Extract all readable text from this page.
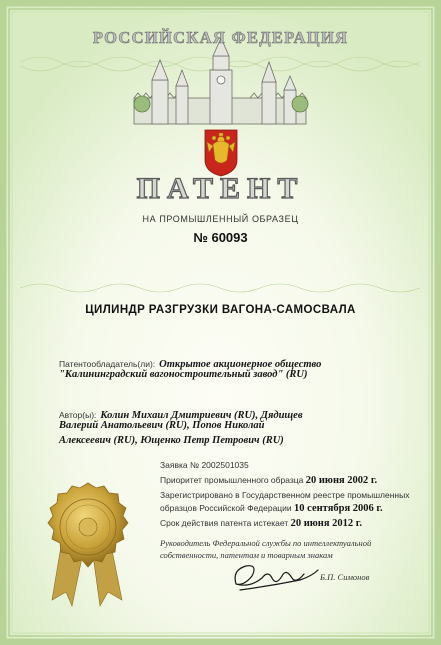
РОССИЙСКАЯ ФЕДЕРАЦИЯ

ПАТЕНТ

НА ПРОМЫШЛЕННЫЙ ОБРАЗЕЦ

№ 60093

ЦИЛИНДР РАЗГРУЗКИ ВАГОНА-САМОСВАЛА

Патентообладатель(ли): Открытое акционерное общество

"Калининградский вагоностроительный завод" (RU)

Автор(ы): Колин Михаил Дмитриевич (RU), Дядищев

Валерий Анатольевич (RU), Попов Николай

Алексеевич (RU), Ющенко Петр Петрович (RU)

Заявка № 2002501035

Приоритет промышленного образца 20 июня 2002 г.

Зарегистрировано в Государственном реестре промышленных

образцов Российской Федерации 10 сентября 2006 г.

Срок действия патента истекает 20 июня 2012 г.

Руководитель Федеральной службы по интеллектуальной

собственности, патентам и товарным знакам

Б.П. Симонов
